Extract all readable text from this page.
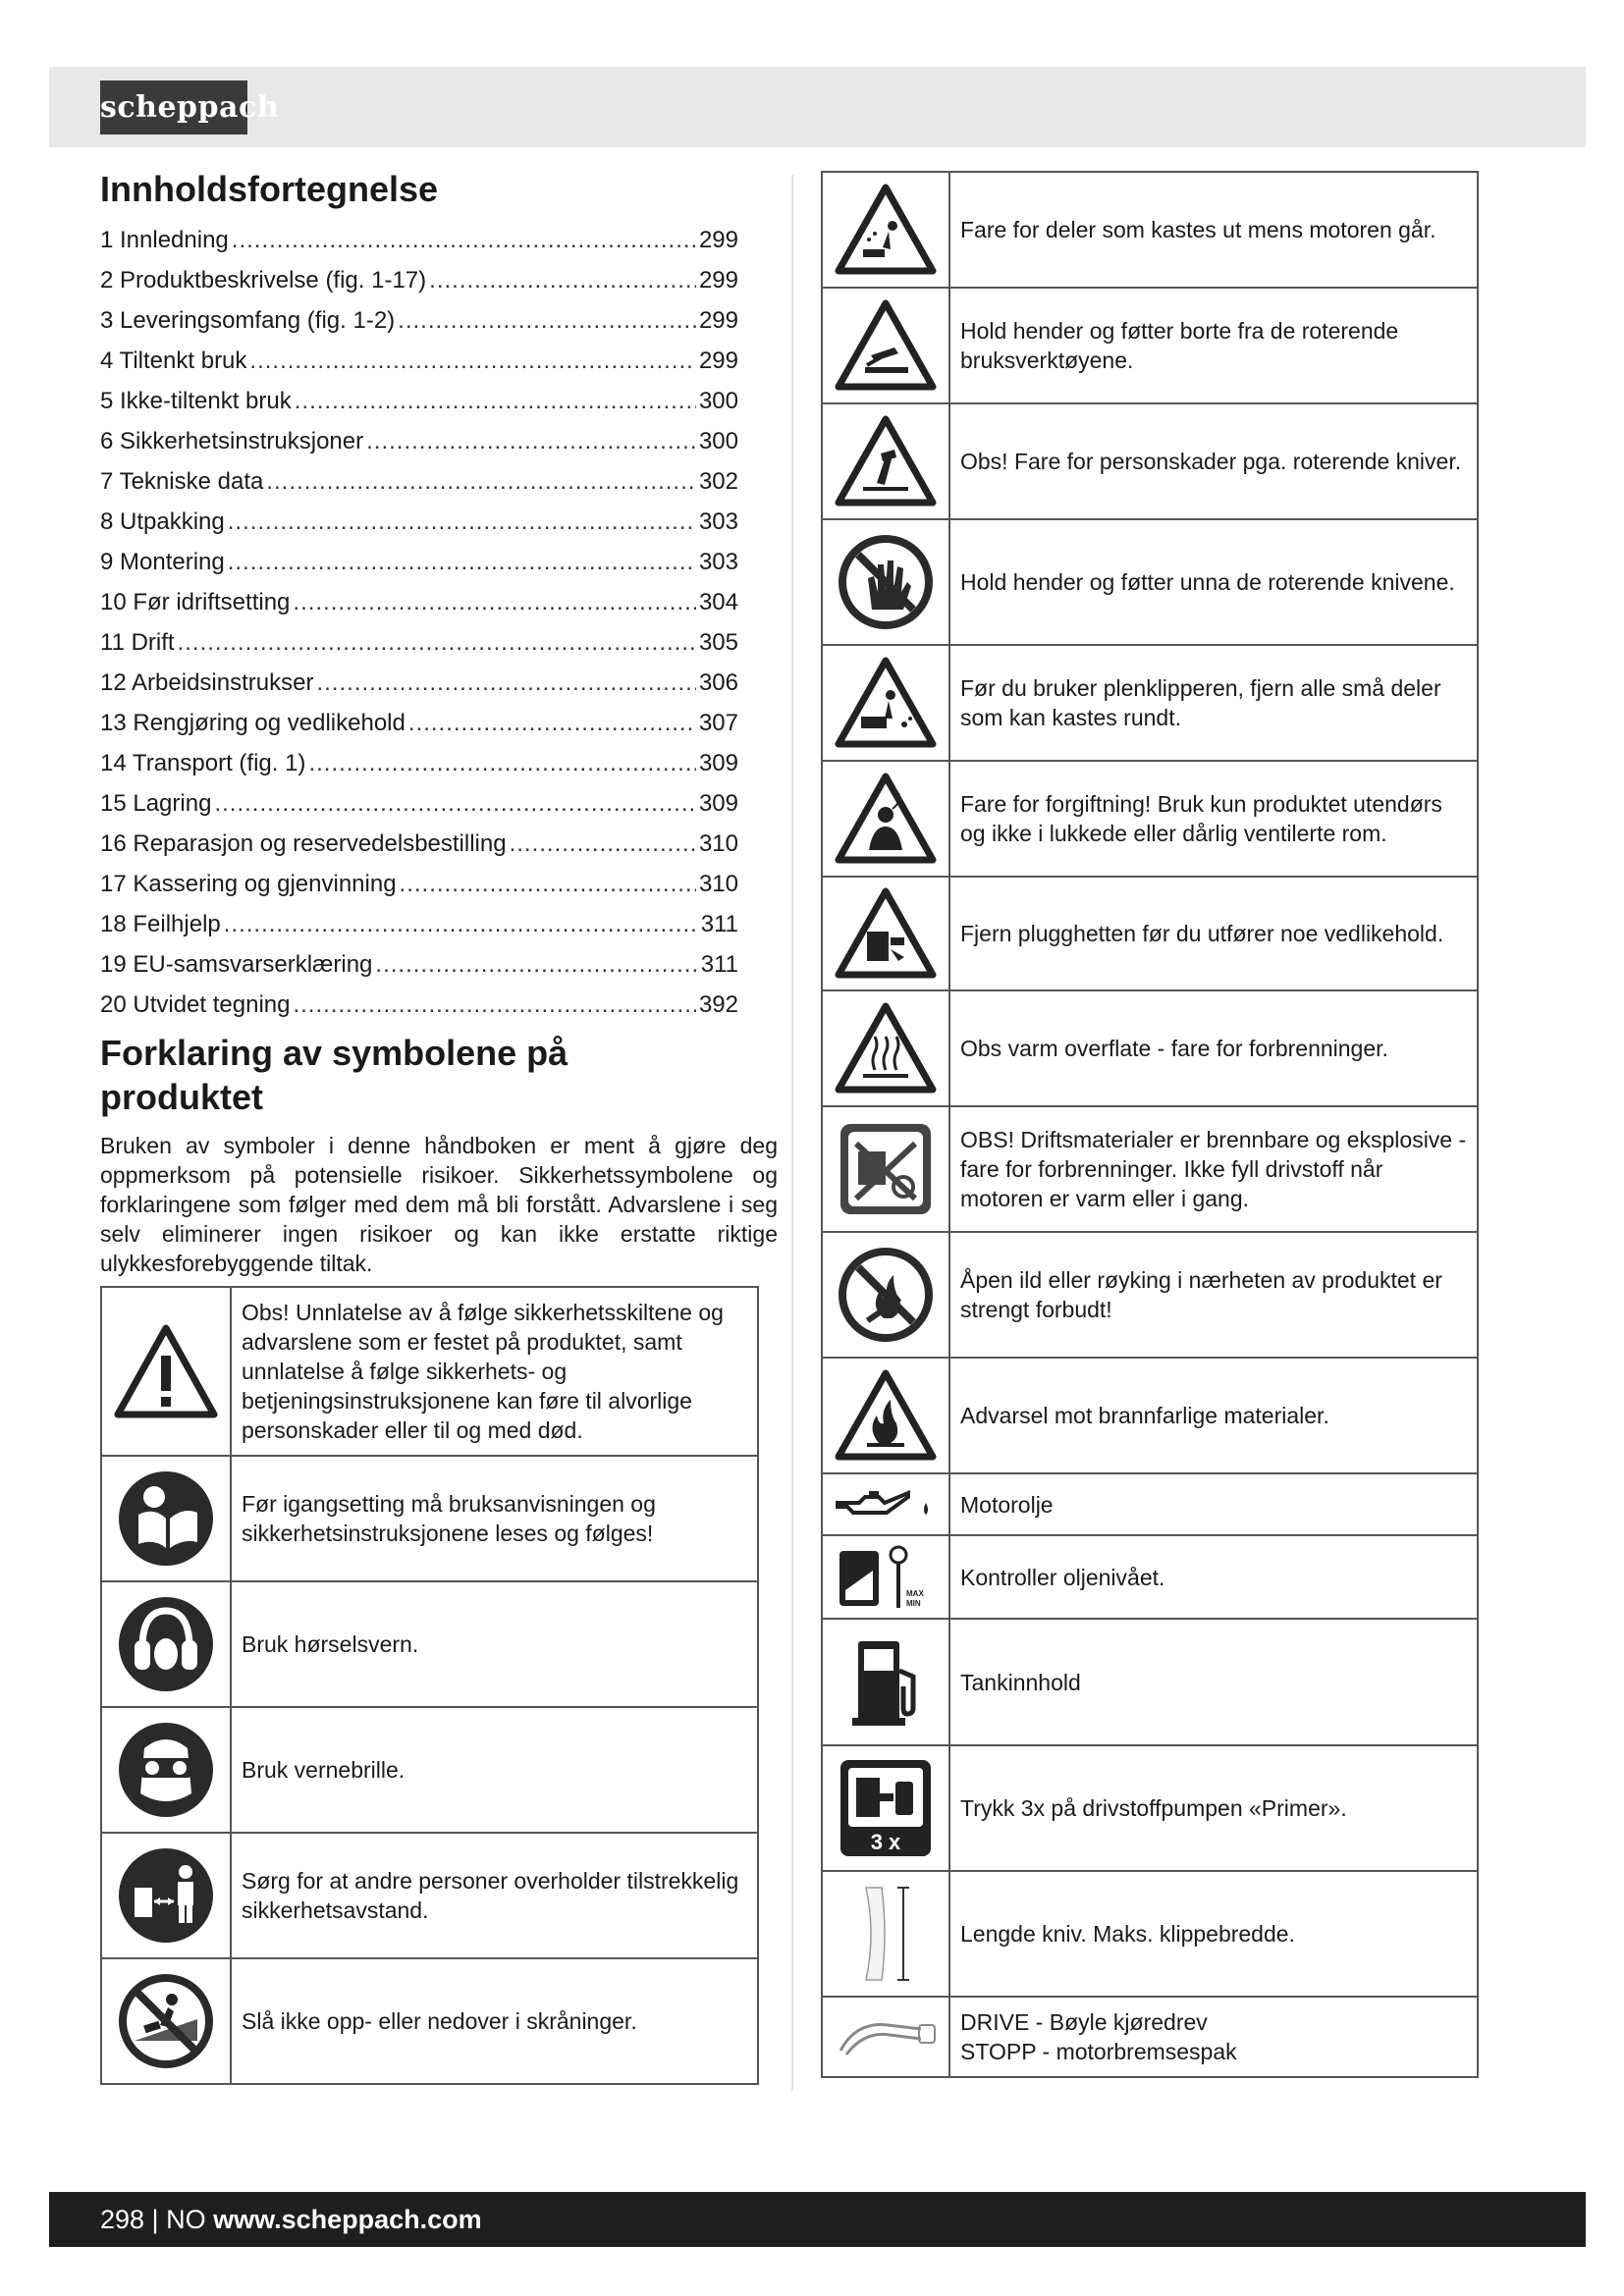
scheppach
Innholdsfortegnelse
1 Innledning .....	299
2 Produktbeskrivelse (fig. 1-17) .....	299
3 Leveringsomfang (fig. 1-2) .....	299
4 Tiltenkt bruk .....	299
5 Ikke-tiltenkt bruk .....	300
6 Sikkerhetsinstruksjoner .....	300
7 Tekniske data .....	302
8 Utpakking .....	303
9 Montering .....	303
10 Før idriftsetting .....	304
11 Drift .....	305
12 Arbeidsinstrukser .....	306
13 Rengjøring og vedlikehold .....	307
14 Transport (fig. 1) .....	309
15 Lagring .....	309
16 Reparasjon og reservedelsbestilling .....	310
17 Kassering og gjenvinning .....	310
18 Feilhjelp .....	311
19 EU-samsvarserklæring .....	311
20 Utvidet tegning .....	392
Forklaring av symbolene på produktet

Bruken av symboler i denne håndboken er ment å gjøre deg oppmerksom på potensielle risikoer. Sikkerhetssymbolene og forklaringene som følger med dem må bli forstått. Advarslene i seg selv eliminerer ingen risikoer og kan ikke erstatte riktige ulykkesforebyggende tiltak.

	Obs! Unnlatelse av å følge sikkerhetsskiltene og advarslene som er festet på produktet, samt unnlatelse å følge sikkerhets- og betjeningsinstruksjonene kan føre til alvorlige personskader eller til og med død.

	Før igangsetting må bruksanvisningen og sikkerhetsinstruksjonene leses og følges!

	Bruk hørselsvern.

	Bruk vernebrille.

	Sørg for at andre personer overholder tilstrekkelig sikkerhetsavstand.

	Slå ikke opp- eller nedover i skråninger.
	Fare for deler som kastes ut mens motoren går.

	Hold hender og føtter borte fra de roterende bruksverktøyene.

	Obs! Fare for personskader pga. roterende kniver.

	Hold hender og føtter unna de roterende knivene.

	Før du bruker plenklipperen, fjern alle små deler som kan kastes rundt.

	Fare for forgiftning! Bruk kun produktet utendørs og ikke i lukkede eller dårlig ventilerte rom.

	Fjern plugghetten før du utfører noe vedlikehold.

	Obs varm overflate - fare for forbrenninger.

	OBS! Driftsmaterialer er brennbare og eksplosive - fare for forbrenninger. Ikke fyll drivstoff når motoren er varm eller i gang.

	Åpen ild eller røyking i nærheten av produktet er strengt forbudt!

	Advarsel mot brannfarlige materialer.

	Motorolje

MAX
MIN	Kontroller oljenivået.

	Tankinnhold

3 x	Trykk 3x på drivstoffpumpen «Primer».

	Lengde kniv. Maks. klippebredde.

	DRIVE - Bøyle kjøredrev
STOPP - motorbremsespak
298 | NO www.scheppach.com
